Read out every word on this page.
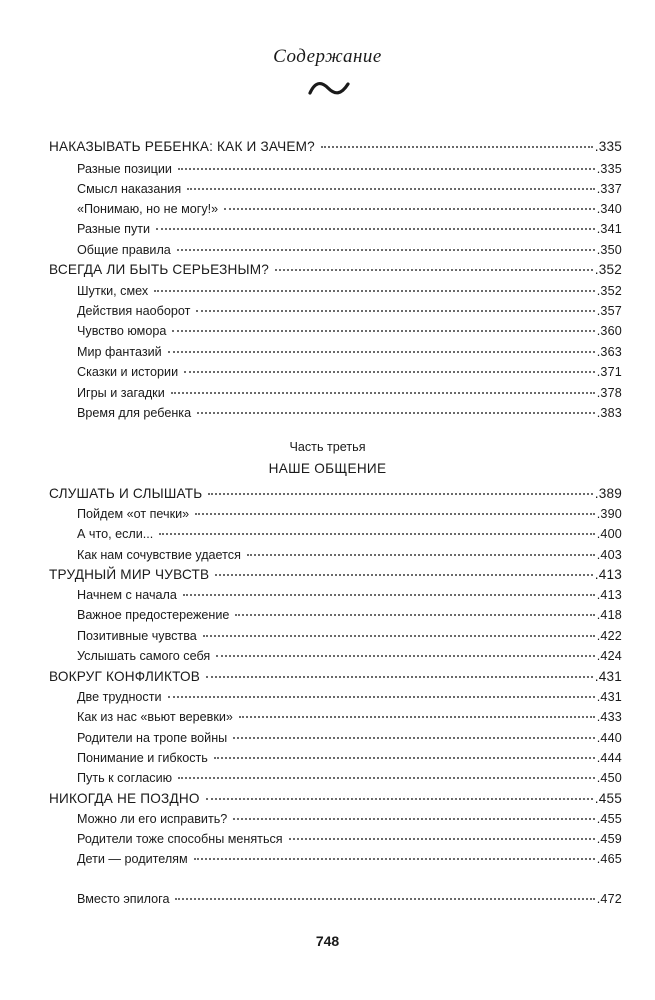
Содержание
НАКАЗЫВАТЬ РЕБЕНКА: КАК И ЗАЧЕМ?	.335
Разные позиции	.335
Смысл наказания	.337
«Понимаю, но не могу!»	.340
Разные пути	.341
Общие правила	.350
ВСЕГДА ЛИ БЫТЬ СЕРЬЕЗНЫМ?	.352
Шутки, смех	.352
Действия наоборот	.357
Чувство юмора	.360
Мир фантазий	.363
Сказки и истории	.371
Игры и загадки	.378
Время для ребенка	.383
СЛУШАТЬ И СЛЫШАТЬ	.389
Пойдем «от печки»	.390
А что, если...	.400
Как нам сочувствие удается	.403
ТРУДНЫЙ МИР ЧУВСТВ	.413
Начнем с начала	.413
Важное предостережение	.418
Позитивные чувства	.422
Услышать самого себя	.424
ВОКРУГ КОНФЛИКТОВ	.431
Две трудности	.431
Как из нас «вьют веревки»	.433
Родители на тропе войны	.440
Понимание и гибкость	.444
Путь к согласию	.450
НИКОГДА НЕ ПОЗДНО	.455
Можно ли его исправить?	.455
Родители тоже способны меняться	.459
Дети — родителям	.465
Вместо эпилога	.472
Часть третья
НАШЕ ОБЩЕНИЕ
748
